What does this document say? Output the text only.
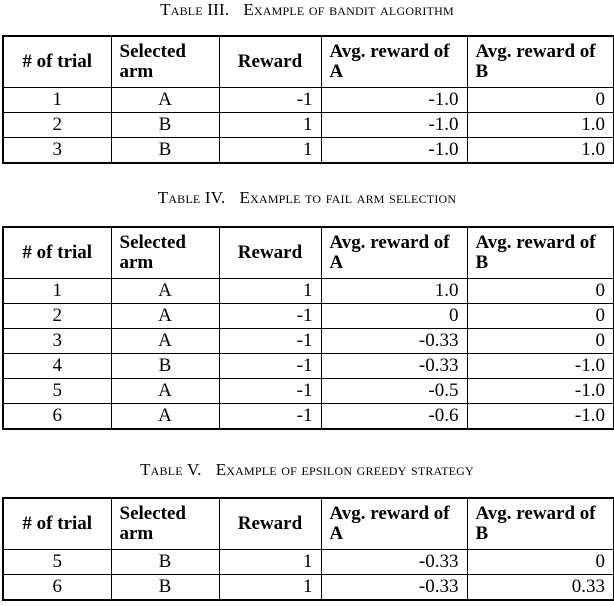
Table III. Example of bandit algorithm
# of trial	Selected arm	Reward	Avg. reward of A	Avg. reward of B
1	A	-1	-1.0	0
2	B	1	-1.0	1.0
3	B	1	-1.0	1.0
Table IV. Example to fail arm selection
# of trial	Selected arm	Reward	Avg. reward of A	Avg. reward of B
1	A	1	1.0	0
2	A	-1	0	0
3	A	-1	-0.33	0
4	B	-1	-0.33	-1.0
5	A	-1	-0.5	-1.0
6	A	-1	-0.6	-1.0
Table V. Example of epsilon greedy strategy
# of trial	Selected arm	Reward	Avg. reward of A	Avg. reward of B
5	B	1	-0.33	0
6	B	1	-0.33	0.33
